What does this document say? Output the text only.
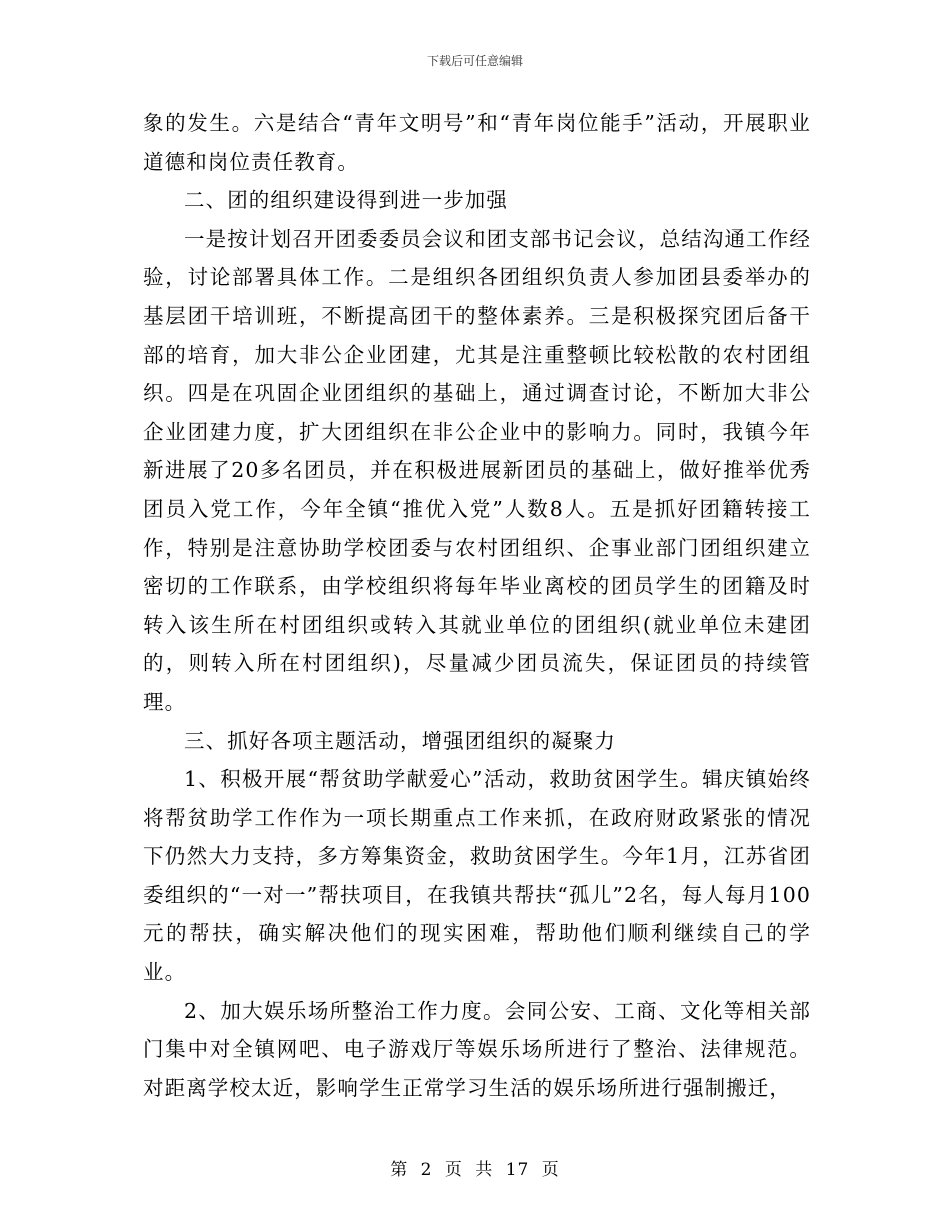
下载后可任意编辑

象的发生。六是结合“青年文明号”和“青年岗位能手”活动，开展职业道德和岗位责任教育。

二、团的组织建设得到进一步加强

一是按计划召开团委委员会议和团支部书记会议，总结沟通工作经验，讨论部署具体工作。二是组织各团组织负责人参加团县委举办的基层团干培训班，不断提高团干的整体素养。三是积极探究团后备干部的培育，加大非公企业团建，尤其是注重整顿比较松散的农村团组织。四是在巩固企业团组织的基础上，通过调查讨论，不断加大非公企业团建力度，扩大团组织在非公企业中的影响力。同时，我镇今年新进展了20多名团员，并在积极进展新团员的基础上，做好推举优秀团员入党工作，今年全镇“推优入党”人数8人。五是抓好团籍转接工作，特别是注意协助学校团委与农村团组织、企事业部门团组织建立密切的工作联系，由学校组织将每年毕业离校的团员学生的团籍及时转入该生所在村团组织或转入其就业单位的团组织(就业单位未建团的，则转入所在村团组织)，尽量减少团员流失，保证团员的持续管理。

三、抓好各项主题活动，增强团组织的凝聚力

1、积极开展“帮贫助学献爱心”活动，救助贫困学生。辑庆镇始终将帮贫助学工作作为一项长期重点工作来抓，在政府财政紧张的情况下仍然大力支持，多方筹集资金，救助贫困学生。今年1月，江苏省团委组织的“一对一”帮扶项目，在我镇共帮扶“孤儿”2名，每人每月100元的帮扶，确实解决他们的现实困难，帮助他们顺利继续自己的学业。

2、加大娱乐场所整治工作力度。会同公安、工商、文化等相关部门集中对全镇网吧、电子游戏厅等娱乐场所进行了整治、法律规范。对距离学校太近，影响学生正常学习生活的娱乐场所进行强制搬迁，

第 2 页 共 17 页
